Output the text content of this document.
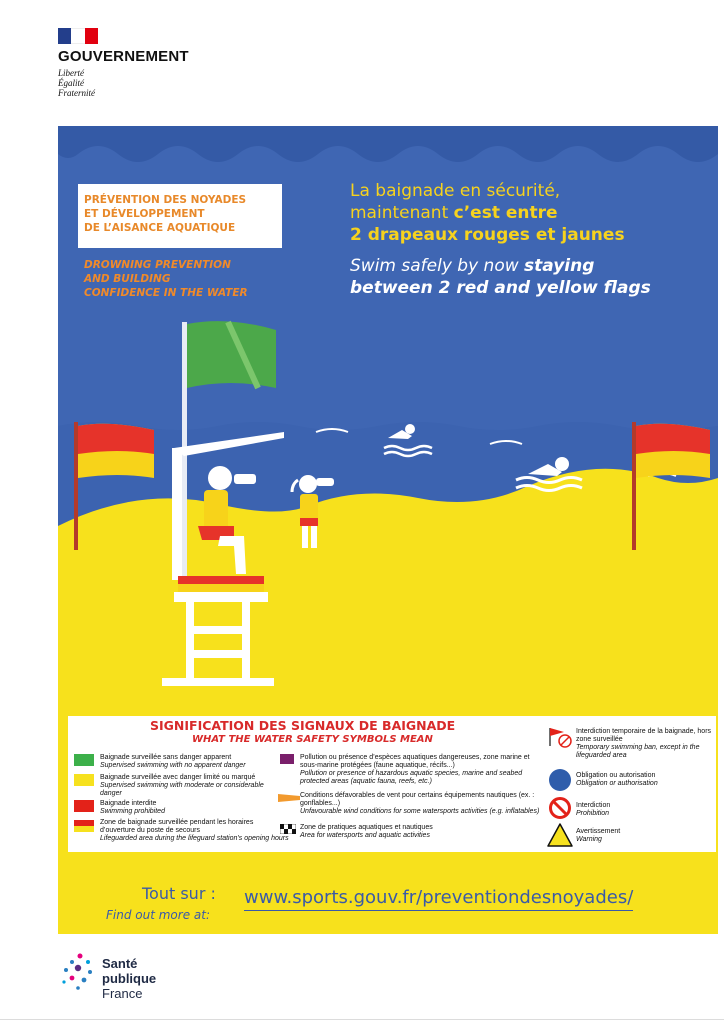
GOUVERNEMENT
Liberté
Égalité
Fraternité
PRÉVENTION DES NOYADES
ET DÉVELOPPEMENT
DE L’AISANCE AQUATIQUE
DROWNING PREVENTION
AND BUILDING
CONFIDENCE IN THE WATER
La baignade en sécurité,
maintenant c’est entre
2 drapeaux rouges et jaunes
Swim safely by now staying
between 2 red and yellow flags
SIGNIFICATION DES SIGNAUX DE BAIGNADE
WHAT THE WATER SAFETY SYMBOLS MEAN
Baignade surveillée sans danger apparent
Supervised swimming with no apparent danger
Baignade surveillée avec danger limité ou marqué
Supervised swimming with moderate or considerable danger
Baignade interdite
Swimming prohibited
Zone de baignade surveillée pendant les horaires d’ouverture du poste de secours
Lifeguarded area during the lifeguard station’s opening hours
Pollution ou présence d’espèces aquatiques dangereuses, zone marine et sous-marine protégées (faune aquatique, récifs...)
Pollution or presence of hazardous aquatic species, marine and seabed protected areas (aquatic fauna, reefs, etc.)
Conditions défavorables de vent pour certains équipements nautiques (ex. : gonflables...)
Unfavourable wind conditions for some watersports activities (e.g. inflatables)
Zone de pratiques aquatiques et nautiques
Area for watersports and aquatic activities
Interdiction temporaire de la baignade, hors zone surveillée
Temporary swimming ban, except in the lifeguarded area
Obligation ou autorisation
Obligation or authorisation
Interdiction
Prohibition
Avertissement
Warning
Tout sur :
Find out more at:
www.sports.gouv.fr/preventiondesnoyades/
Santé
publique
France
